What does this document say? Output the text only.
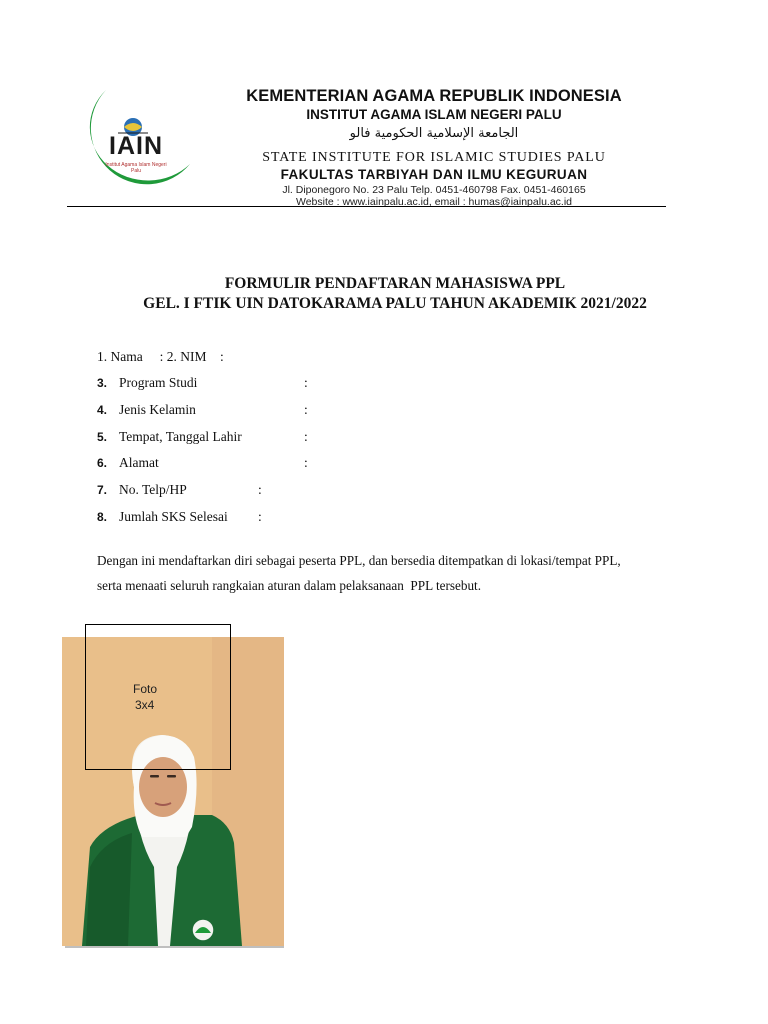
IAIN
Institut Agama Islam Negeri
Palu
KEMENTERIAN AGAMA REPUBLIK INDONESIA
INSTITUT AGAMA ISLAM NEGERI PALU
الجامعة الإسلامية الحكومية فالو
STATE INSTITUTE FOR ISLAMIC STUDIES PALU
FAKULTAS TARBIYAH DAN ILMU KEGURUAN
Jl. Diponegoro No. 23 Palu Telp. 0451-460798 Fax. 0451-460165
Website : www.iainpalu.ac.id, email : humas@iainpalu.ac.id
FORMULIR PENDAFTARAN MAHASISWA PPL
GEL. I FTIK UIN DATOKARAMA PALU TAHUN AKADEMIK 2021/2022
1. Nama     : 2. NIM    :
3. Program Studi	:
4. Jenis Kelamin	:
5. Tempat, Tanggal Lahir	:
6. Alamat	:
7. No. Telp/HP	:
8. Jumlah SKS Selesai :
Dengan ini mendaftarkan diri sebagai peserta PPL, dan bersedia ditempatkan di lokasi/tempat PPL,
serta menaati seluruh rangkaian aturan dalam pelaksanaan  PPL tersebut.
Foto
3x4
